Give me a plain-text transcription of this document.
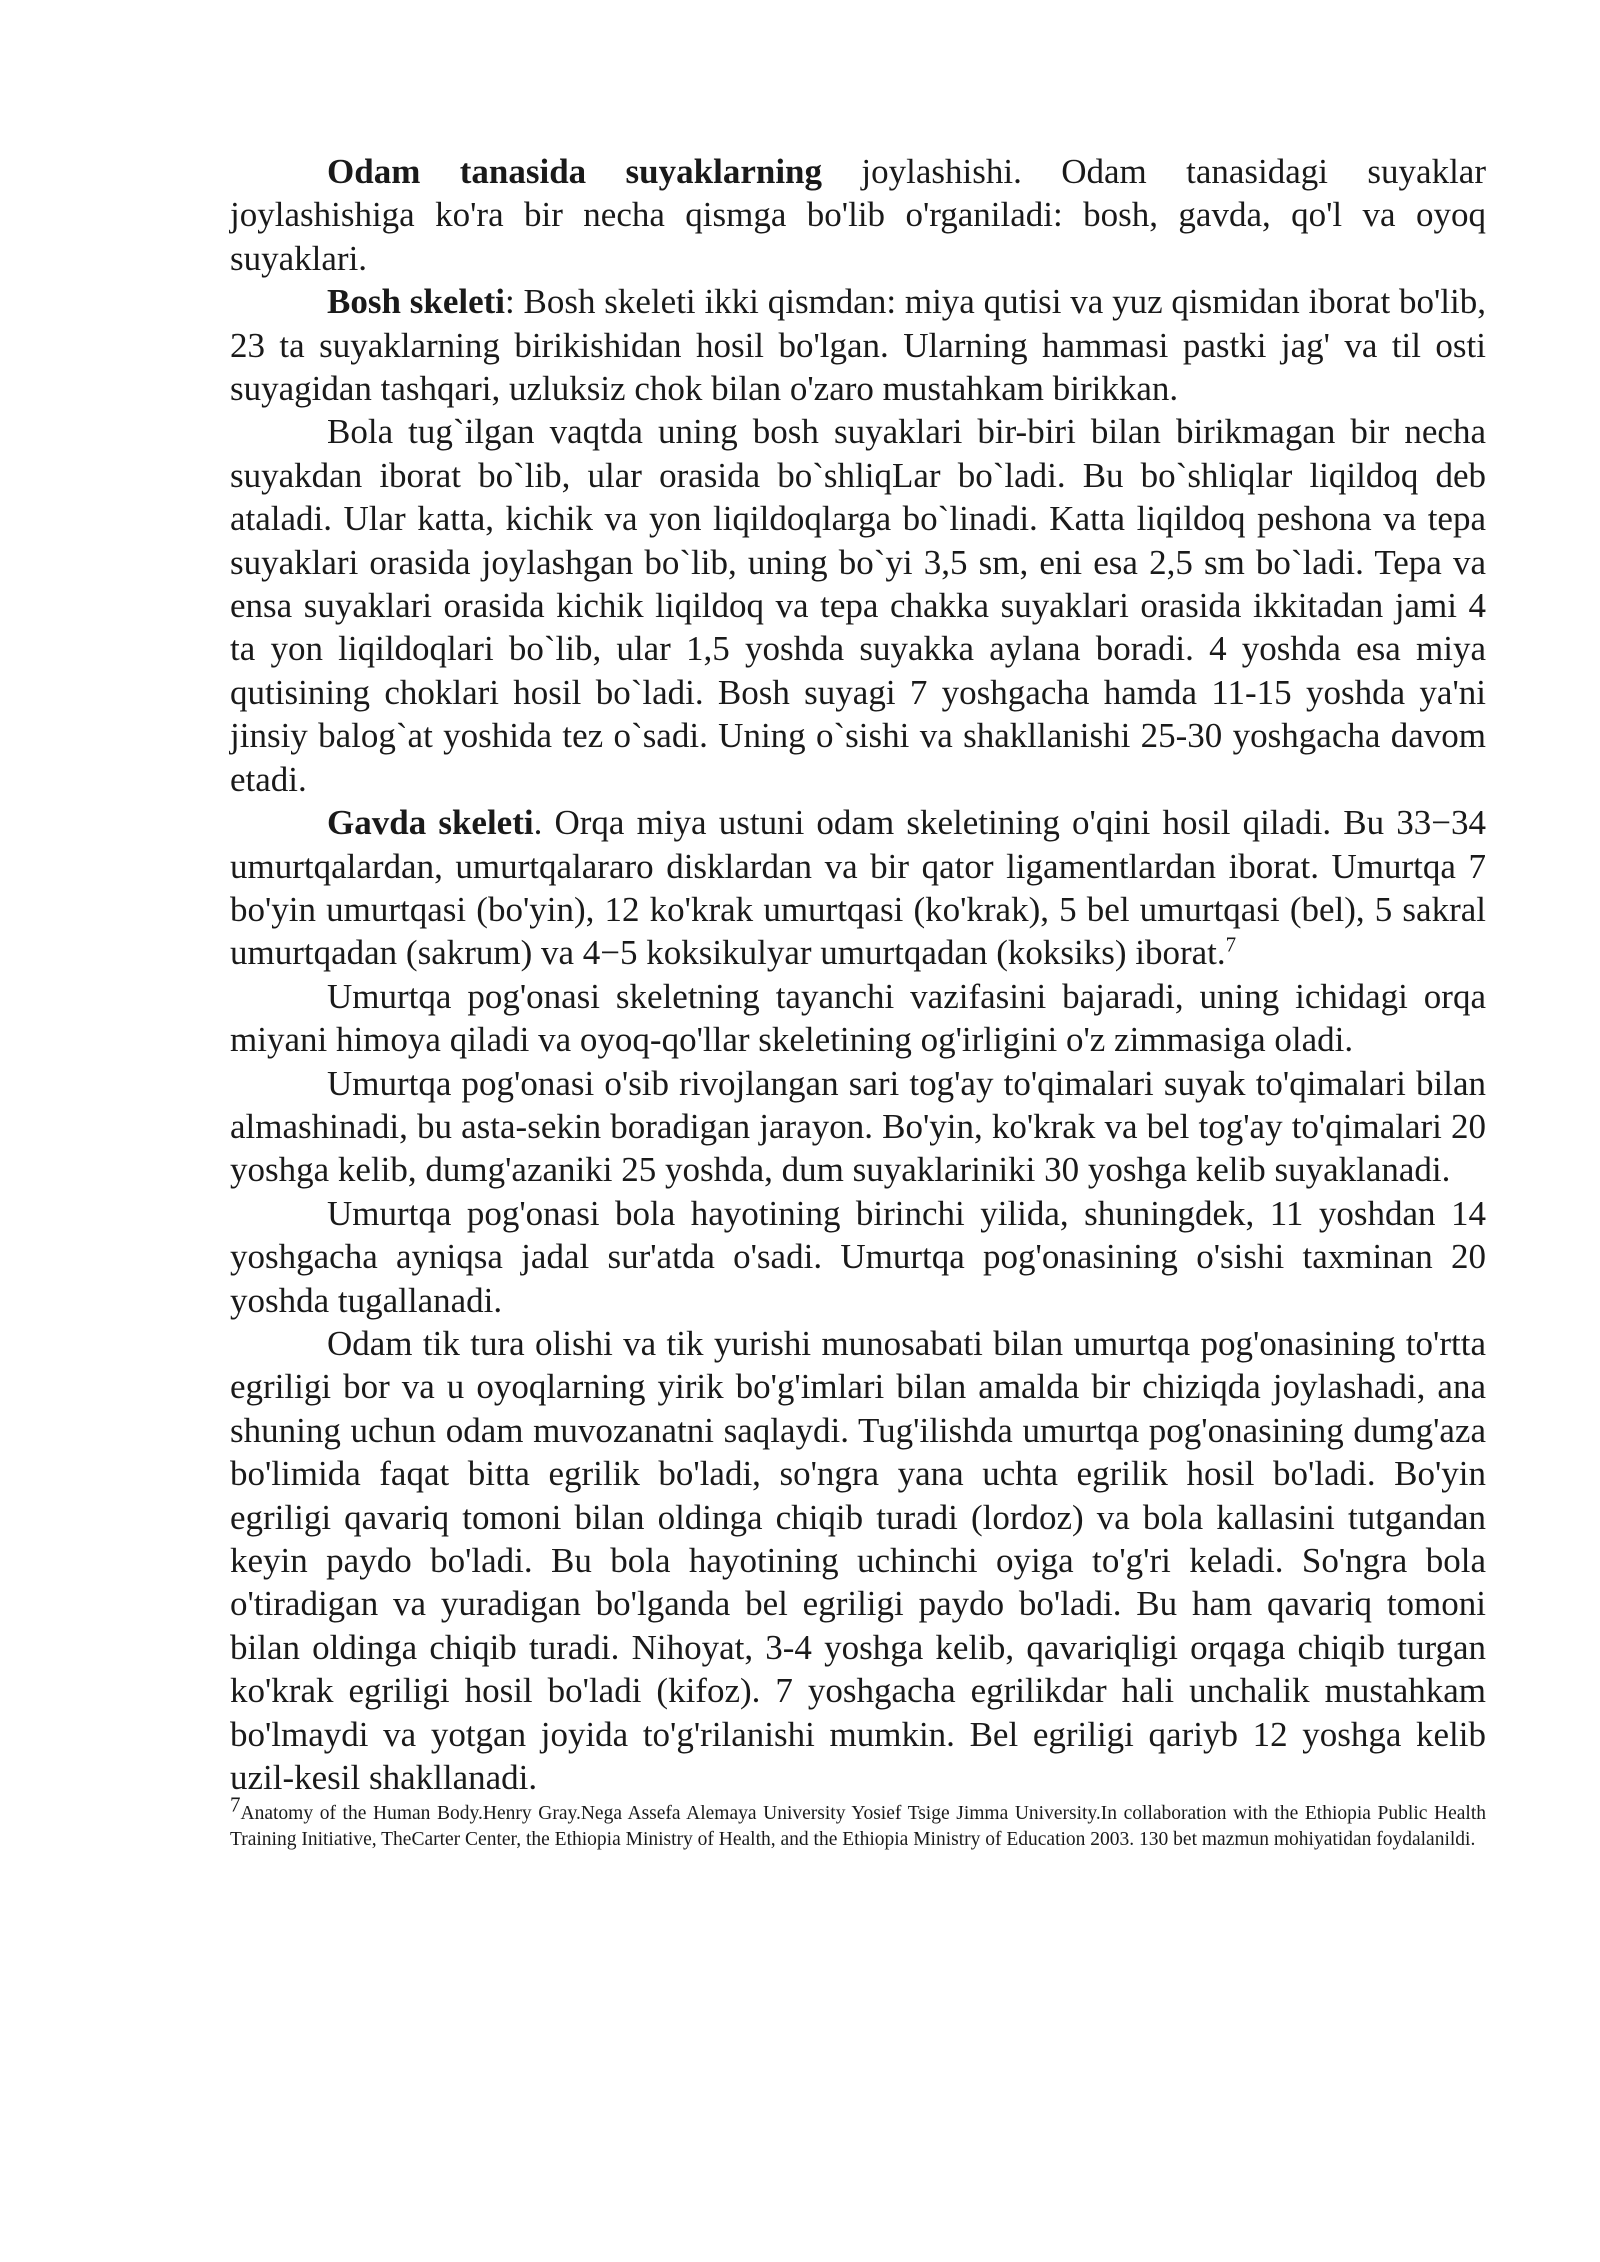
Odam tanasida suyaklarning joylashishi. Odam tanasidagi suyaklar joylashishiga ko'ra bir necha qismga bo'lib o'rganiladi: bosh, gavda, qo'l va oyoq suyaklari.

Bosh skeleti: Bosh skeleti ikki qismdan: miya qutisi va yuz qismidan iborat bo'lib, 23 ta suyaklarning birikishidan hosil bo'lgan. Ularning hammasi pastki jag' va til osti suyagidan tashqari, uzluksiz chok bilan o'zaro mustahkam birikkan.

Bola tug`ilgan vaqtda uning bosh suyaklari bir-biri bilan birikmagan bir necha suyakdan iborat bo`lib, ular orasida bo`shliqLar bo`ladi. Bu bo`shliqlar liqildoq deb ataladi. Ular katta, kichik va yon liqildoqlarga bo`linadi. Katta liqildoq peshona va tepa suyaklari orasida joylashgan bo`lib, uning bo`yi 3,5 sm, eni esa 2,5 sm bo`ladi. Tepa va ensa suyaklari orasida kichik liqildoq va tepa chakka suyaklari orasida ikkitadan jami 4 ta yon liqildoqlari bo`lib, ular 1,5 yoshda suyakka aylana boradi. 4 yoshda esa miya qutisining choklari hosil bo`ladi. Bosh suyagi 7 yoshgacha hamda 11-15 yoshda ya'ni jinsiy balog`at yoshida tez o`sadi. Uning o`sishi va shakllanishi 25-30 yoshgacha davom etadi.

Gavda skeleti. Orqa miya ustuni odam skeletining o'qini hosil qiladi. Bu 33−34 umurtqalardan, umurtqalararo disklardan va bir qator ligamentlardan iborat. Umurtqa 7 bo'yin umurtqasi (bo'yin), 12 ko'krak umurtqasi (ko'krak), 5 bel umurtqasi (bel), 5 sakral umurtqadan (sakrum) va 4−5 koksikulyar umurtqadan (koksiks) iborat.$^7$

Umurtqa pog'onasi skeletning tayanchi vazifasini bajaradi, uning ichidagi orqa miyani himoya qiladi va oyoq-qo'llar skeletining og'irligini o'z zimmasiga oladi.

Umurtqa pog'onasi o'sib rivojlangan sari tog'ay to'qimalari suyak to'qimalari bilan almashinadi, bu asta-sekin boradigan jarayon. Bo'yin, ko'krak va bel tog'ay to'qimalari 20 yoshga kelib, dumg'azaniki 25 yoshda, dum suyaklariniki 30 yoshga kelib suyaklanadi.

Umurtqa pog'onasi bola hayotining birinchi yilida, shuningdek, 11 yoshdan 14 yoshgacha ayniqsa jadal sur'atda o'sadi. Umurtqa pog'onasining o'sishi taxminan 20 yoshda tugallanadi.

Odam tik tura olishi va tik yurishi munosabati bilan umurtqa pog'onasining to'rtta egriligi bor va u oyoqlarning yirik bo'g'imlari bilan amalda bir chiziqda joylashadi, ana shuning uchun odam muvozanatni saqlaydi. Tug'ilishda umurtqa pog'onasining dumg'aza bo'limida faqat bitta egrilik bo'ladi, so'ngra yana uchta egrilik hosil bo'ladi. Bo'yin egriligi qavariq tomoni bilan oldinga chiqib turadi (lordoz) va bola kallasini tutgandan keyin paydo bo'ladi. Bu bola hayotining uchinchi oyiga to'g'ri keladi. So'ngra bola o'tiradigan va yuradigan bo'lganda bel egriligi paydo bo'ladi. Bu ham qavariq tomoni bilan oldinga chiqib turadi. Nihoyat, 3-4 yoshga kelib, qavariqligi orqaga chiqib turgan ko'krak egriligi hosil bo'ladi (kifoz). 7 yoshgacha egrilikdar hali unchalik mustahkam bo'lmaydi va yotgan joyida to'g'rilanishi mumkin. Bel egriligi qariyb 12 yoshga kelib uzil-kesil shakllanadi.

$^7$Anatomy of the Human Body.Henry Gray.Nega Assefa Alemaya University Yosief Tsige Jimma University.In collaboration with the Ethiopia Public Health Training Initiative, TheCarter Center, the Ethiopia Ministry of Health, and the Ethiopia Ministry of Education 2003. 130 bet mazmun mohiyatidan foydalanildi.
